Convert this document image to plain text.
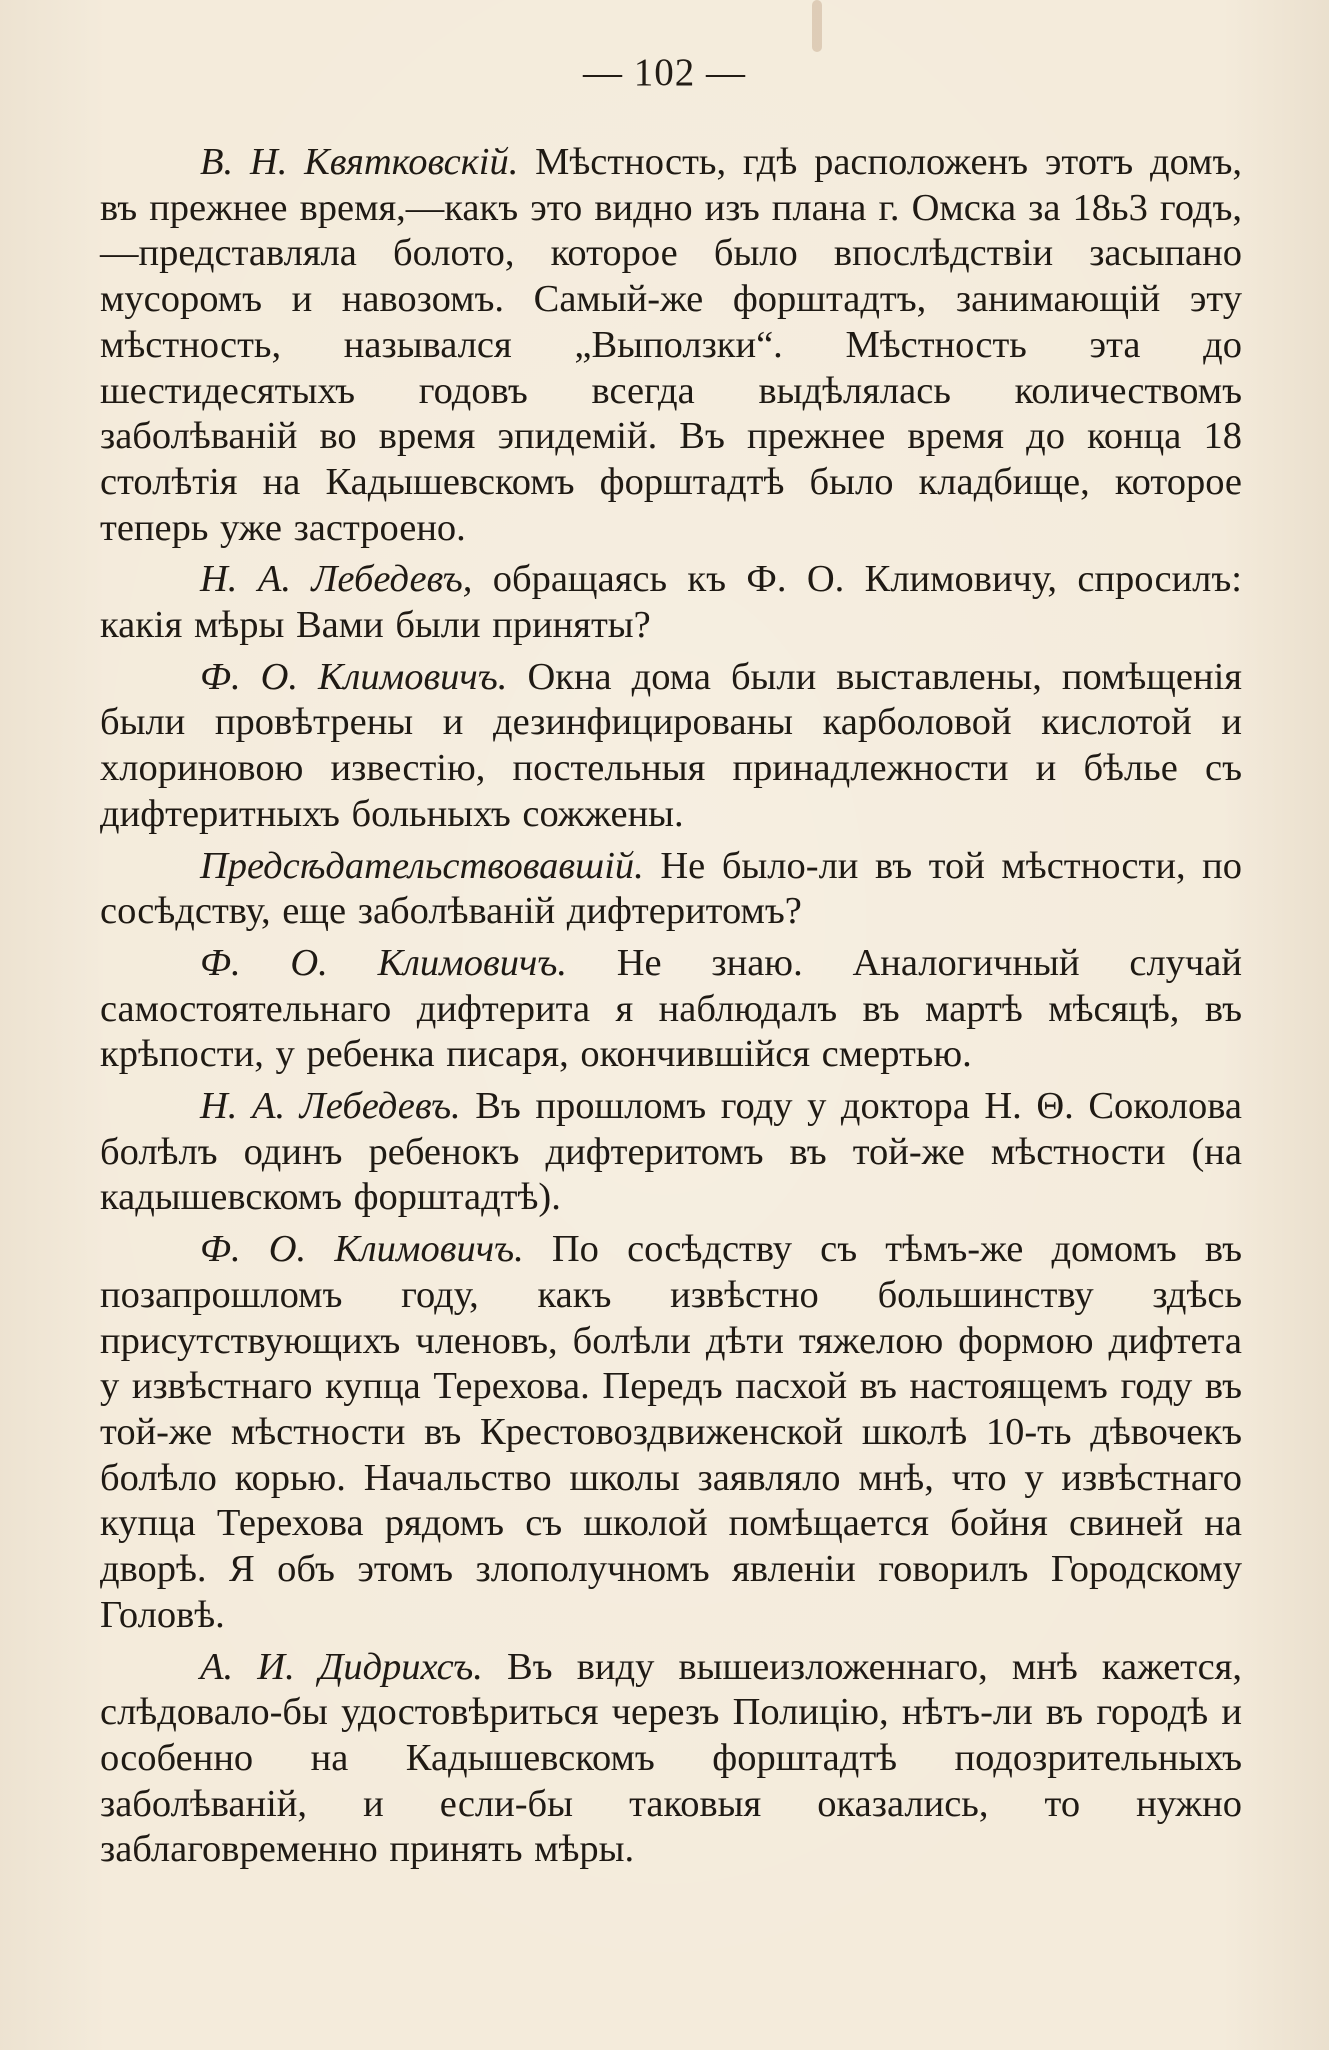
— 102 —

В. Н. Квятковскій. Мѣстность, гдѣ расположенъ этотъ домъ, въ прежнее время,—какъ это видно изъ плана г. Омска за 18ь3 годъ,—представляла болото, которое было впослѣдствіи засыпано мусоромъ и навозомъ. Самый-же форштадтъ, занимающій эту мѣстность, назывался „Выползки“. Мѣстность эта до шестидесятыхъ годовъ всегда выдѣлялась количествомъ заболѣваній во время эпидемій. Въ прежнее время до конца 18 столѣтія на Кадышевскомъ форштадтѣ было кладбище, которое теперь уже застроено.

Н. А. Лебедевъ, обращаясь къ Ф. О. Климовичу, спросилъ: какія мѣры Вами были приняты?

Ф. О. Климовичъ. Окна дома были выставлены, помѣщенія были провѣтрены и дезинфицированы карболовой кислотой и хлориновою известію, постельныя принадлежности и бѣлье съ дифтеритныхъ больныхъ сожжены.

Предсѣдательствовавшій. Не было-ли въ той мѣстности, по сосѣдству, еще заболѣваній дифтеритомъ?

Ф. О. Климовичъ. Не знаю. Аналогичный случай самостоятельнаго дифтерита я наблюдалъ въ мартѣ мѣсяцѣ, въ крѣпости, у ребенка писаря, окончившійся смертью.

Н. А. Лебедевъ. Въ прошломъ году у доктора Н. Θ. Соколова болѣлъ одинъ ребенокъ дифтеритомъ въ той-же мѣстности (на кадышевскомъ форштадтѣ).

Ф. О. Климовичъ. По сосѣдству съ тѣмъ-же домомъ въ позапрошломъ году, какъ извѣстно большинству здѣсь присутствующихъ членовъ, болѣли дѣти тяжелою формою дифтета у извѣстнаго купца Терехова. Передъ пасхой въ настоящемъ году въ той-же мѣстности въ Крестовоздвиженской школѣ 10-ть дѣвочекъ болѣло корью. Начальство школы заявляло мнѣ, что у извѣстнаго купца Терехова рядомъ съ школой помѣщается бойня свиней на дворѣ. Я объ этомъ злополучномъ явленіи говорилъ Городскому Головѣ.

А. И. Дидрихсъ. Въ виду вышеизложеннаго, мнѣ кажется, слѣдовало-бы удостовѣриться черезъ Полицію, нѣтъ-ли въ городѣ и особенно на Кадышевскомъ форштадтѣ подозрительныхъ заболѣваній, и если-бы таковыя оказались, то нужно заблаговременно принять мѣры.
